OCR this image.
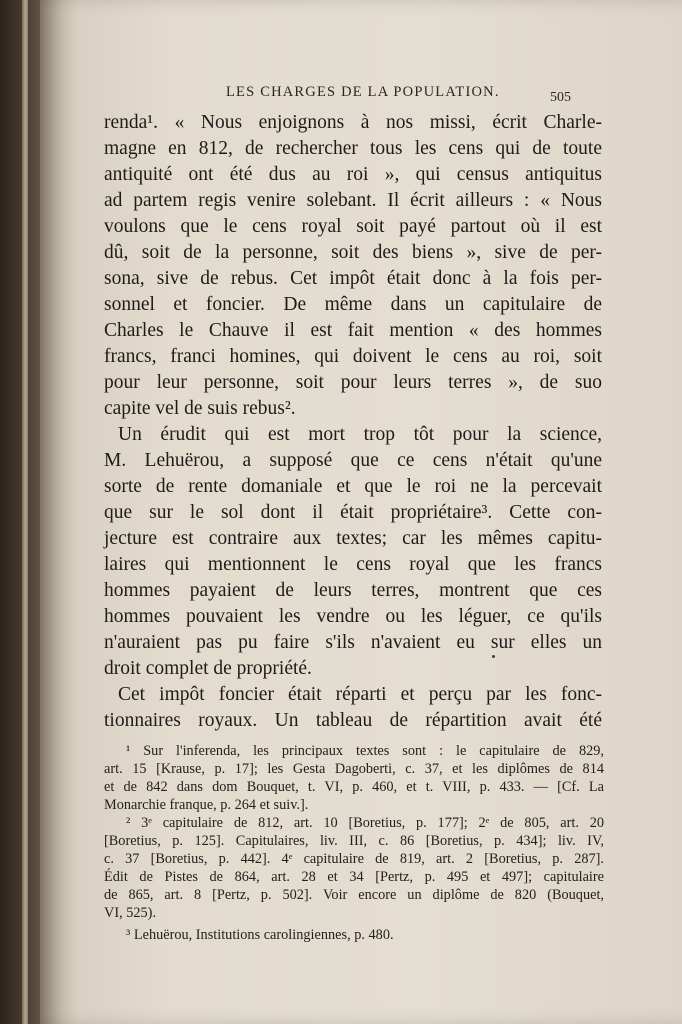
LES CHARGES DE LA POPULATION.	505
renda¹. « Nous enjoignons à nos missi, écrit Charle-
magne en 812, de rechercher tous les cens qui de toute
antiquité ont été dus au roi », qui census antiquitus
ad partem regis venire solebant. Il écrit ailleurs : « Nous
voulons que le cens royal soit payé partout où il est
dû, soit de la personne, soit des biens », sive de per-
sona, sive de rebus. Cet impôt était donc à la fois per-
sonnel et foncier. De même dans un capitulaire de
Charles le Chauve il est fait mention « des hommes
francs, franci homines, qui doivent le cens au roi, soit
pour leur personne, soit pour leurs terres », de suo
capite vel de suis rebus².
Un érudit qui est mort trop tôt pour la science,
M. Lehuërou, a supposé que ce cens n'était qu'une
sorte de rente domaniale et que le roi ne la percevait
que sur le sol dont il était propriétaire³. Cette con-
jecture est contraire aux textes; car les mêmes capitu-
laires qui mentionnent le cens royal que les francs
hommes payaient de leurs terres, montrent que ces
hommes pouvaient les vendre ou les léguer, ce qu'ils
n'auraient pas pu faire s'ils n'avaient eu sur elles un
droit complet de propriété.
Cet impôt foncier était réparti et perçu par les fonc-
tionnaires royaux. Un tableau de répartition avait été
¹ Sur l'inferenda, les principaux textes sont : le capitulaire de 829,
art. 15 [Krause, p. 17]; les Gesta Dagoberti, c. 37, et les diplômes de 814
et de 842 dans dom Bouquet, t. VI, p. 460, et t. VIII, p. 433. — [Cf. La
Monarchie franque, p. 264 et suiv.].
² 3ᵉ capitulaire de 812, art. 10 [Boretius, p. 177]; 2ᵉ de 805, art. 20
[Boretius, p. 125]. Capitulaires, liv. III, c. 86 [Boretius, p. 434]; liv. IV,
c. 37 [Boretius, p. 442]. 4ᵉ capitulaire de 819, art. 2 [Boretius, p. 287].
Édit de Pistes de 864, art. 28 et 34 [Pertz, p. 495 et 497]; capitulaire
de 865, art. 8 [Pertz, p. 502]. Voir encore un diplôme de 820 (Bouquet,
VI, 525).
³ Lehuërou, Institutions carolingiennes, p. 480.
